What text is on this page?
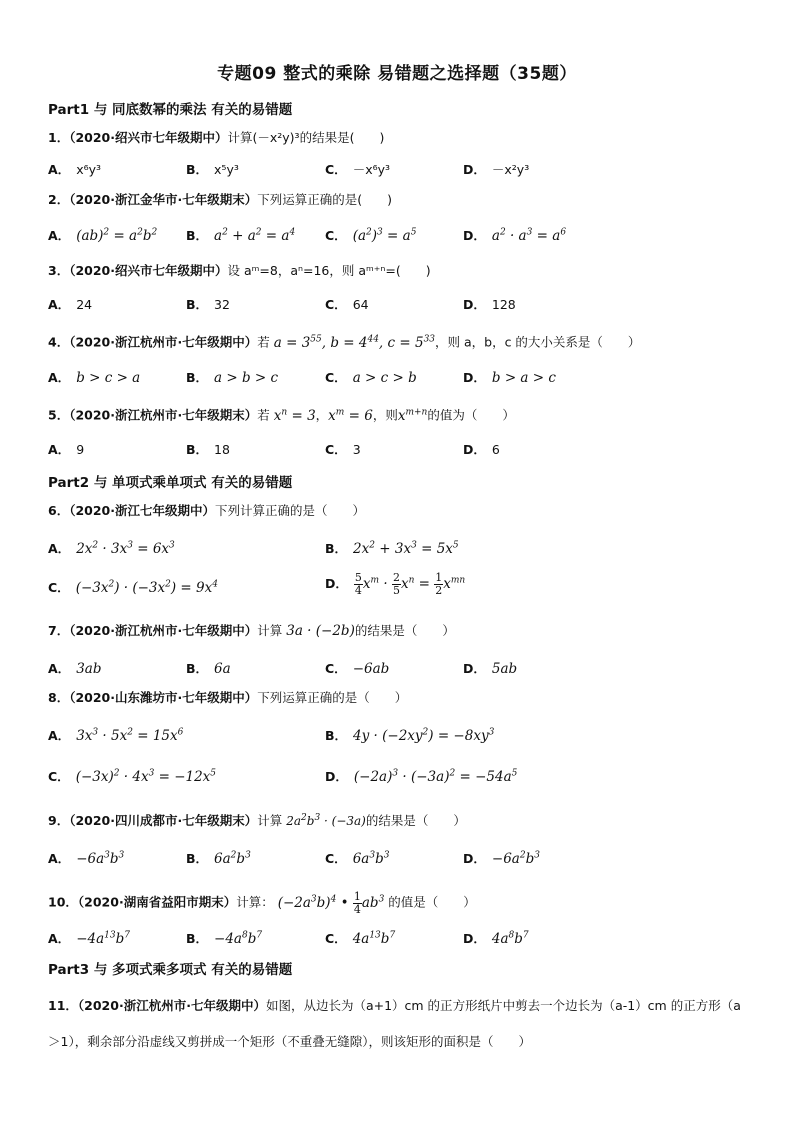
专题09 整式的乘除 易错题之选择题（35题）
Part1 与 同底数幂的乘法 有关的易错题
1．（2020·绍兴市七年级期中）计算(－x²y)³的结果是(　　)
A． x⁶y³	B． x⁵y³	C． －x⁶y³	D． －x²y³
2．（2020·浙江金华市·七年级期末）下列运算正确的是(　　)
A． $(ab)^2 = a^2b^2$ B． $a^2 + a^2 = a^4$ C． $(a^2)^3 = a^5$	D． $a^2 \cdot a^3 = a^6$
3．（2020·绍兴市七年级期中）设 aᵐ=8，aⁿ=16，则 aᵐ⁺ⁿ=(　　)
A． 24	B． 32	C． 64	D． 128
4．（2020·浙江杭州市·七年级期中）若 $a = 3^{55}$, $b = 4^{44}$, $c = 5^{33}$，则 a，b，c 的大小关系是（　　）
A． b > c > a	B． a > b > c	C． a > c > b	D． b > a > c
5．（2020·浙江杭州市·七年级期末）若 $x^n = 3$，$x^m = 6$，则$x^{m+n}$的值为（　　）
A． 9	B． 18	C． 3	D． 6
Part2 与 单项式乘单项式 有关的易错题
6．（2020·浙江七年级期中）下列计算正确的是（　　）
A． $2x^2 \cdot 3x^3 = 6x^3$	B． $2x^2 + 3x^3 = 5x^5$
C． $(-3x^2) \cdot (-3x^2) = 9x^4$	D． $\frac{5}{4} x^m \cdot \frac{2}{5} x^n = \frac{1}{2} x^{mn}$
7．（2020·浙江杭州市·七年级期中）计算 3a · (−2b)的结果是（　　）
A． 3ab	B． 6a	C． −6ab	D． 5ab
8．（2020·山东潍坊市·七年级期中）下列运算正确的是（　　）
A． $3x^3 \cdot 5x^2 = 15x^6$	B． $4y \cdot (-2xy^2) = -8xy^3$
C． $(-3x)^2 \cdot 4x^3 = -12x^5$	D． $(-2a)^3 \cdot (-3a)^2 = -54a^5$
9．（2020·四川成都市·七年级期末）计算 $2a^2b^3 \cdot (-3a)$的结果是（　　）
A． $-6a^3b^3$	B． $6a^2b^3$	C． $6a^3b^3$	D． $-6a^2b^3$
10．（2020·湖南省益阳市期末）计算： $(-2a^3b)^4$ • $\frac{1}{4} ab^3$ 的值是（　　）
A． $-4a^{13}b^7$	B． $-4a^8b^7$	C． $4a^{13}b^7$	D． $4a^8b^7$
Part3 与 多项式乘多项式 有关的易错题
11．（2020·浙江杭州市·七年级期中）如图，从边长为（a+1）cm 的正方形纸片中剪去一个边长为（a-1）cm 的正方形（a＞1），剩余部分沿虚线又剪拼成一个矩形（不重叠无缝隙），则该矩形的面积是（　　）
